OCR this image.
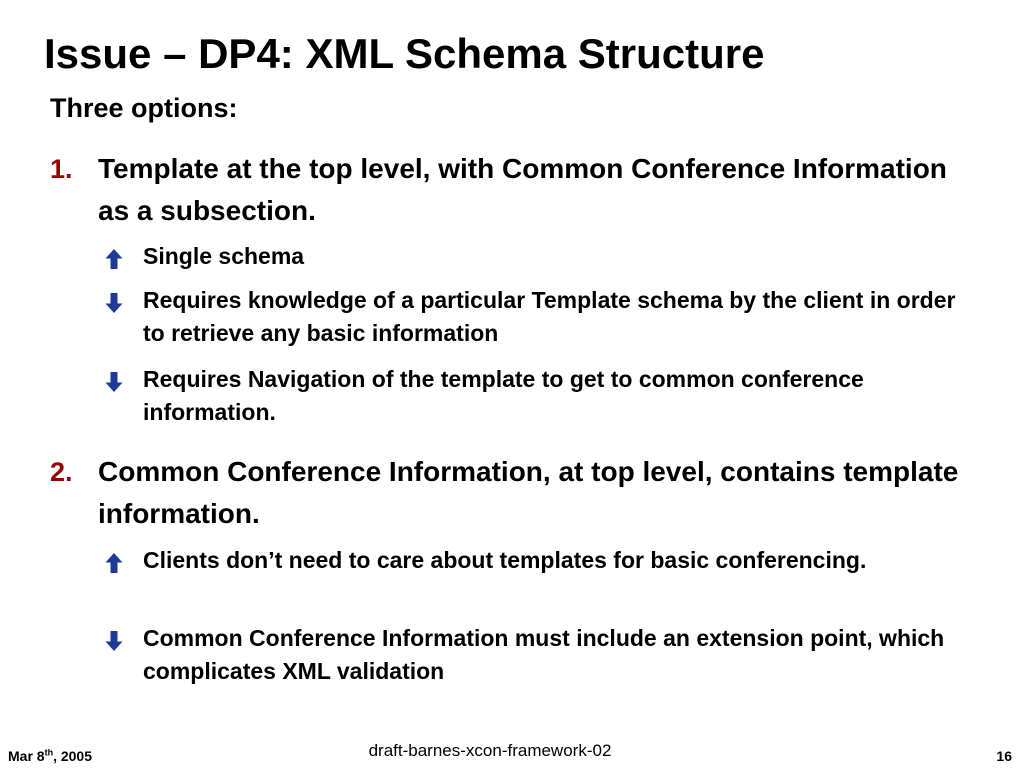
Issue – DP4: XML Schema Structure
Three options:
1. Template at the top level, with Common Conference Information as a subsection.
Single schema
Requires knowledge of a particular Template schema by the client in order to retrieve any basic information
Requires Navigation of the template to get to common conference information.
2. Common Conference Information, at top level, contains template information.
Clients don’t need to care about templates for basic conferencing.
Common Conference Information must include an extension point, which complicates XML validation
Mar 8th, 2005	draft-barnes-xcon-framework-02	16
